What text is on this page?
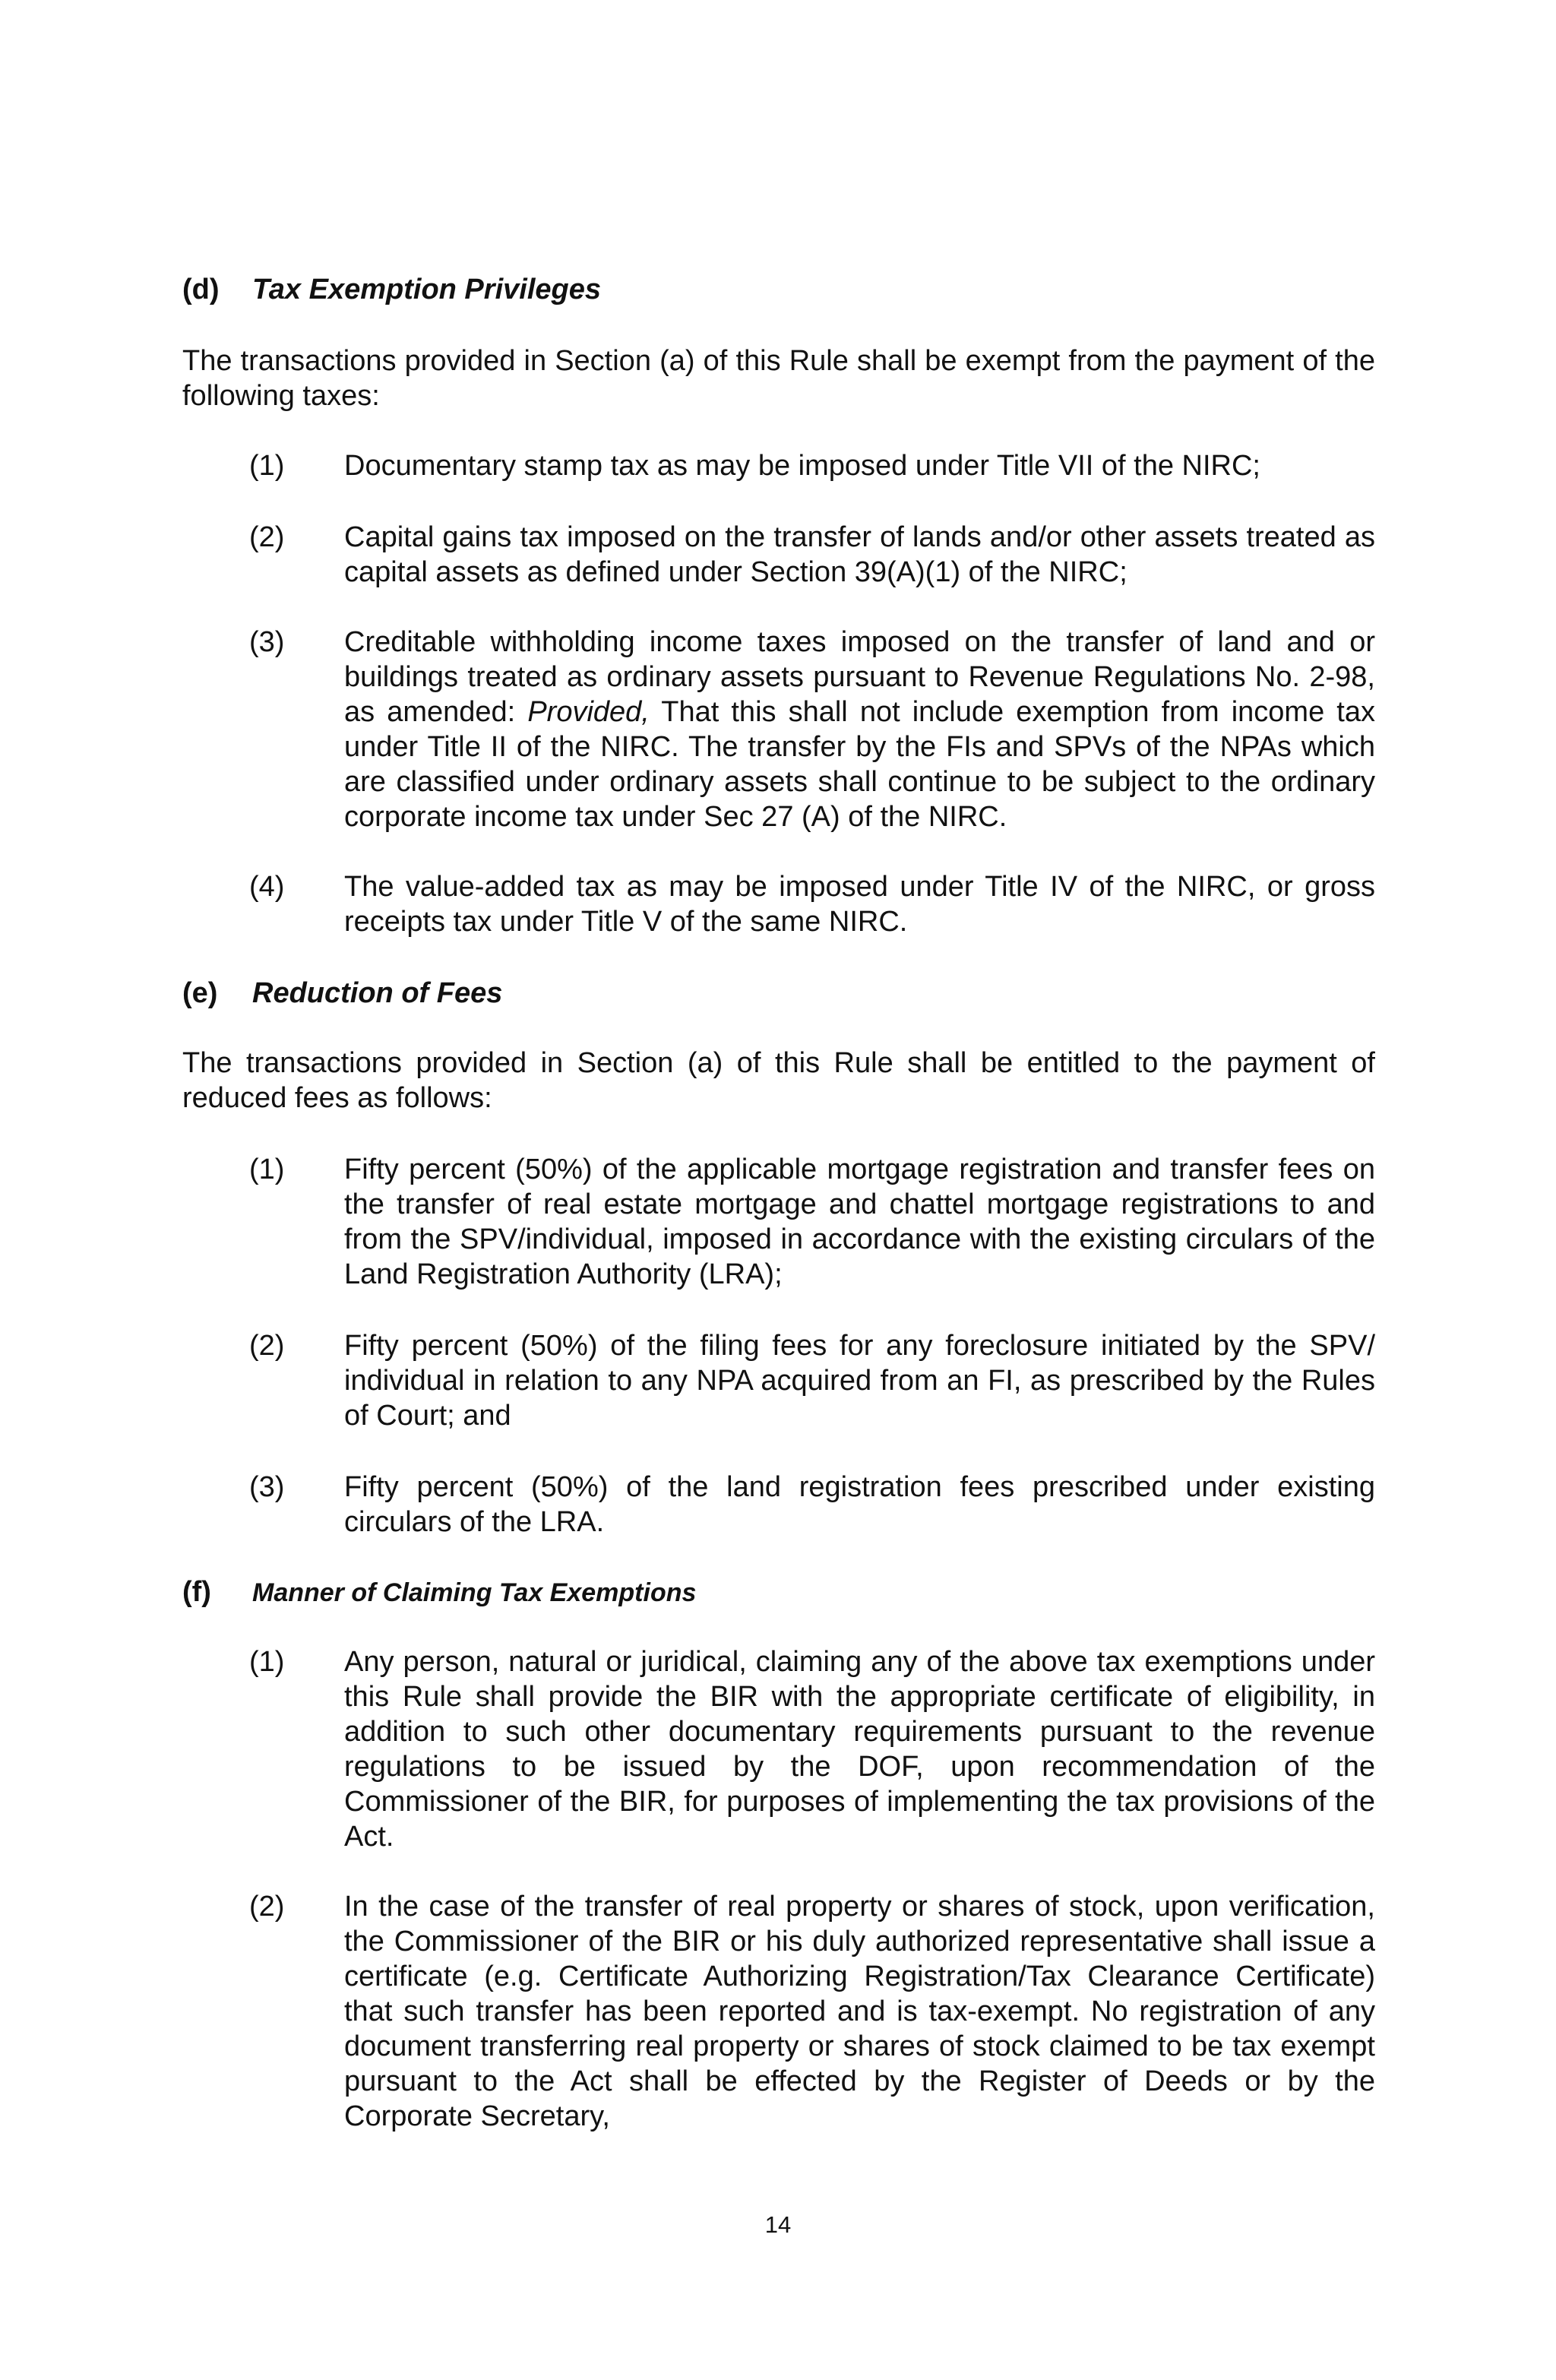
(d) Tax Exemption Privileges
The transactions provided in Section (a) of this Rule shall be exempt from the payment of the following taxes:
(1)	Documentary stamp tax as may be imposed under Title VII of the NIRC;
(2)	Capital gains tax imposed on the transfer of lands and/or other assets treated as capital assets as defined under Section 39(A)(1) of the NIRC;
(3)	Creditable withholding income taxes imposed on the transfer of land and or buildings treated as ordinary assets pursuant to Revenue Regulations No. 2-98, as amended: Provided, That this shall not include exemption from income tax under Title II of the NIRC. The transfer by the FIs and SPVs of the NPAs which are classified under ordinary assets shall continue to be subject to the ordinary corporate income tax under Sec 27 (A) of the NIRC.
(4)	The value-added tax as may be imposed under Title IV of the NIRC, or gross receipts tax under Title V of the same NIRC.
(e) Reduction of Fees
The transactions provided in Section (a) of this Rule shall be entitled to the payment of reduced fees as follows:
(1)	Fifty percent (50%) of the applicable mortgage registration and transfer fees on the transfer of real estate mortgage and chattel mortgage registrations to and from the SPV/individual, imposed in accordance with the existing circulars of the Land Registration Authority (LRA);
(2)	Fifty percent (50%) of the filing fees for any foreclosure initiated by the SPV/ individual in relation to any NPA acquired from an FI, as prescribed by the Rules of Court; and
(3)	Fifty percent (50%) of the land registration fees prescribed under existing circulars of the LRA.
(f) Manner of Claiming Tax Exemptions
(1)	Any person, natural or juridical, claiming any of the above tax exemptions under this Rule shall provide the BIR with the appropriate certificate of eligibility, in addition to such other documentary requirements pursuant to the revenue regulations to be issued by the DOF, upon recommendation of the Commissioner of the BIR, for purposes of implementing the tax provisions of the Act.
(2)	In the case of the transfer of real property or shares of stock, upon verification, the Commissioner of the BIR or his duly authorized representative shall issue a certificate (e.g. Certificate Authorizing Registration/Tax Clearance Certificate) that such transfer has been reported and is tax-exempt. No registration of any document transferring real property or shares of stock claimed to be tax exempt pursuant to the Act shall be effected by the Register of Deeds or by the Corporate Secretary,
14
